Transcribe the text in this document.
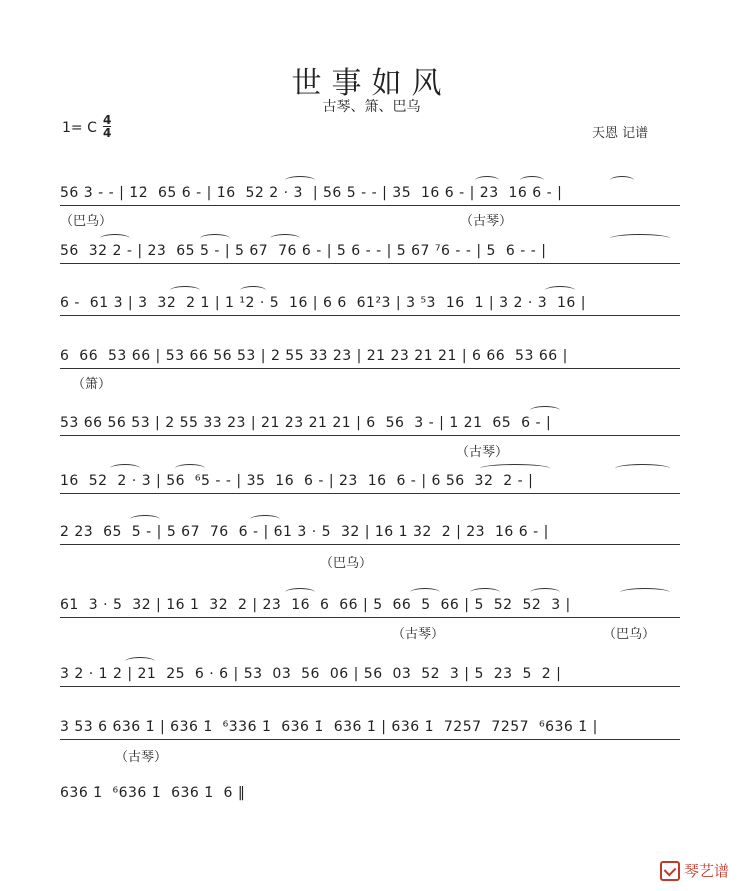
世事如风
古琴、箫、巴乌
1= C 4
4	天恩 记谱
56 3 - - | 1̇2̇  65 6 - | 1̇6  52 2 · 3  | 56 5 - - | 35  16 6 - | 23  16 6 - |
（巴乌）	（古琴）
56  32 2 - | 23  65 5 - | 5 67  76 6 - | 5 6 - - | 5 67 ⁷6 - - | 5  6 - - |
6 -  61 3 | 3  32  2 1 | 1 ¹2 · 5  16 | 6 6  61²3 | 3 ⁵3  16  1 | 3 2 · 3  16 |
6  66  53 66 | 53 66 56 53 | 2 55 33 23 | 21 23 21 21 | 6 66  53 66 |
（箫）
53 66 56 53 | 2 55 33 23 | 21 23 21 21 | 6  56  3 - | 1 21  65  6 - |
（古琴）
16  52  2 · 3 | 56  ⁶5 - - | 35  16  6 - | 23  16  6 - | 6 56  32  2 - |
2 23  65  5 - | 5 67  76  6 - | 61 3 · 5  32 | 16 1 32  2 | 23  16 6 - |
（巴乌）
61  3 · 5  32 | 16 1  32  2 | 23  16  6  66 | 5  66  5  66 | 5  52  52  3 |
（古琴）	（巴乌）
3 2 · 1 2 | 21  25  6 · 6 | 53  03  56  06 | 56  03  52  3 | 5  23  5  2 |
3 53 6 636 1̇ | 636 1̇  ⁶336 1̇  636 1̇  636 1̇ | 636 1̇  7257  7257  ⁶636 1̇ |
（古琴）
636 1̇  ⁶636 1̇  636 1̇  6 ‖
琴艺谱
